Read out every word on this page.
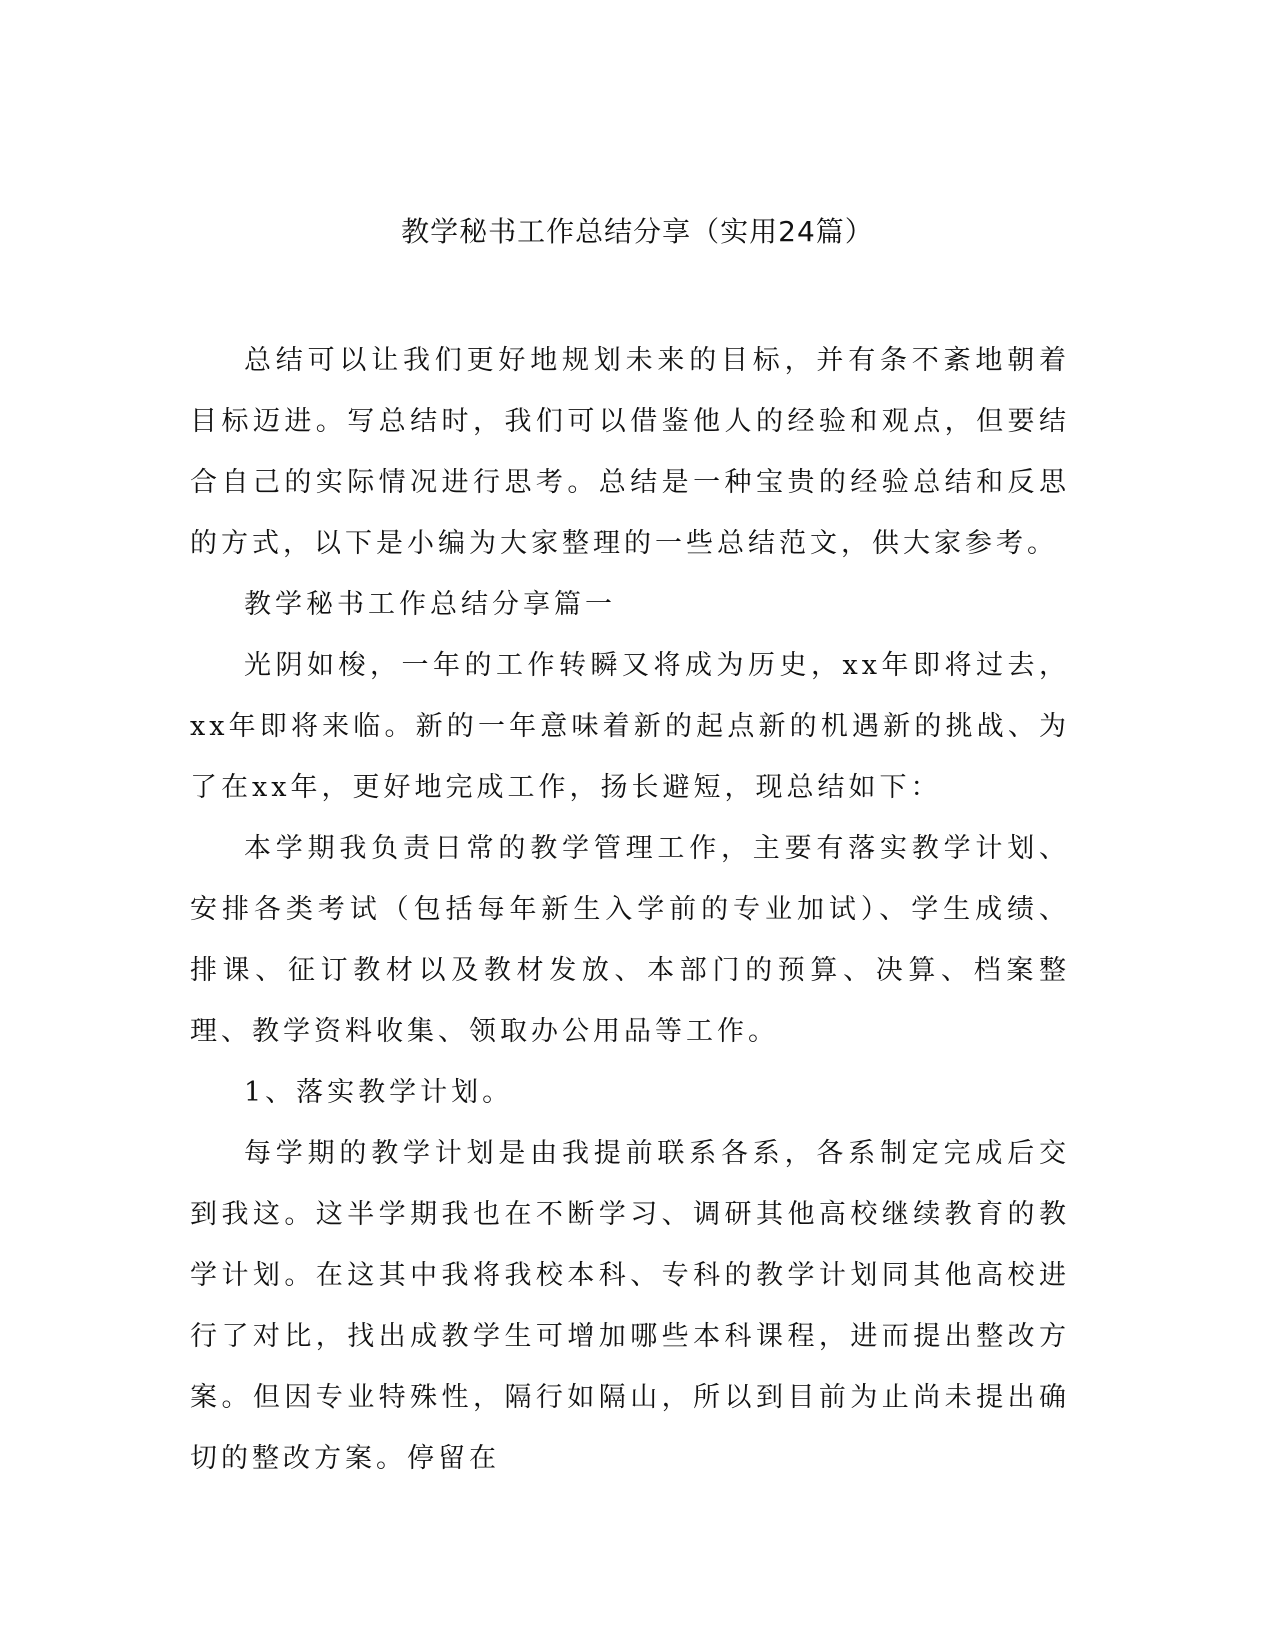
教学秘书工作总结分享（实用24篇）

总结可以让我们更好地规划未来的目标，并有条不紊地朝着目标迈进。写总结时，我们可以借鉴他人的经验和观点，但要结合自己的实际情况进行思考。总结是一种宝贵的经验总结和反思的方式，以下是小编为大家整理的一些总结范文，供大家参考。

教学秘书工作总结分享篇一

光阴如梭，一年的工作转瞬又将成为历史，xx年即将过去，xx年即将来临。新的一年意味着新的起点新的机遇新的挑战、为了在xx年，更好地完成工作，扬长避短，现总结如下：

本学期我负责日常的教学管理工作，主要有落实教学计划、安排各类考试（包括每年新生入学前的专业加试）、学生成绩、排课、征订教材以及教材发放、本部门的预算、决算、档案整理、教学资料收集、领取办公用品等工作。

1、落实教学计划。

每学期的教学计划是由我提前联系各系，各系制定完成后交到我这。这半学期我也在不断学习、调研其他高校继续教育的教学计划。在这其中我将我校本科、专科的教学计划同其他高校进行了对比，找出成教学生可增加哪些本科课程，进而提出整改方案。但因专业特殊性，隔行如隔山，所以到目前为止尚未提出确切的整改方案。停留在
